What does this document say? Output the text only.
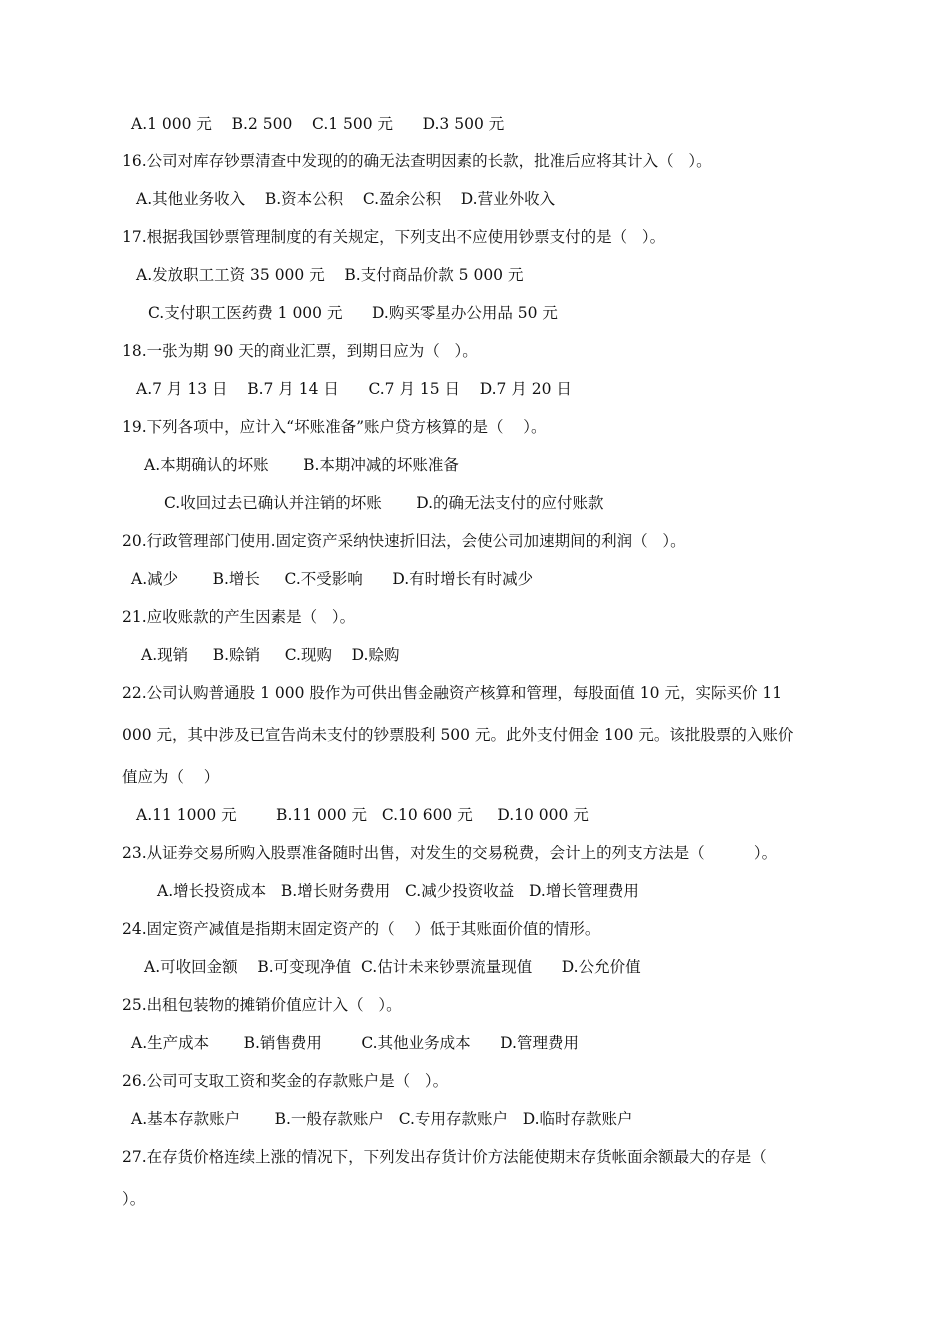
A.1 000 元    B.2 500    C.1 500 元      D.3 500 元
16.公司对库存钞票清查中发现的的确无法查明因素的长款，批准后应将其计入（   ）。
A.其他业务收入    B.资本公积    C.盈余公积    D.营业外收入
17.根据我国钞票管理制度的有关规定，下列支出不应使用钞票支付的是（   ）。
A.发放职工工资 35 000 元    B.支付商品价款 5 000 元
C.支付职工医药费 1 000 元      D.购买零星办公用品 50 元
18.一张为期 90 天的商业汇票，到期日应为（   ）。
A.7 月 13 日    B.7 月 14 日      C.7 月 15 日    D.7 月 20 日
19.下列各项中，应计入“坏账准备”账户贷方核算的是（    ）。
A.本期确认的坏账       B.本期冲减的坏账准备
C.收回过去已确认并注销的坏账       D.的确无法支付的应付账款
20.行政管理部门使用.固定资产采纳快速折旧法，会使公司加速期间的利润（   ）。
A.减少       B.增长     C.不受影响      D.有时增长有时减少
21.应收账款的产生因素是（   ）。
A.现销     B.赊销     C.现购    D.赊购
22.公司认购普通股 1 000 股作为可供出售金融资产核算和管理，每股面值 10 元，实际买价 11
000 元，其中涉及已宣告尚未支付的钞票股利 500 元。此外支付佣金 100 元。该批股票的入账价
值应为（    ）
A.11 1000 元        B.11 000 元   C.10 600 元     D.10 000 元
23.从证券交易所购入股票准备随时出售，对发生的交易税费，会计上的列支方法是（          ）。
A.增长投资成本   B.增长财务费用   C.减少投资收益   D.增长管理费用
24.固定资产减值是指期末固定资产的（    ）低于其账面价值的情形。
A.可收回金额    B.可变现净值  C.估计未来钞票流量现值      D.公允价值
25.出租包装物的摊销价值应计入（   ）。
A.生产成本       B.销售费用        C.其他业务成本      D.管理费用
26.公司可支取工资和奖金的存款账户是（   ）。
A.基本存款账户       B.一般存款账户   C.专用存款账户   D.临时存款账户
27.在存货价格连续上涨的情况下，下列发出存货计价方法能使期末存货帐面余额最大的存是（
）。
